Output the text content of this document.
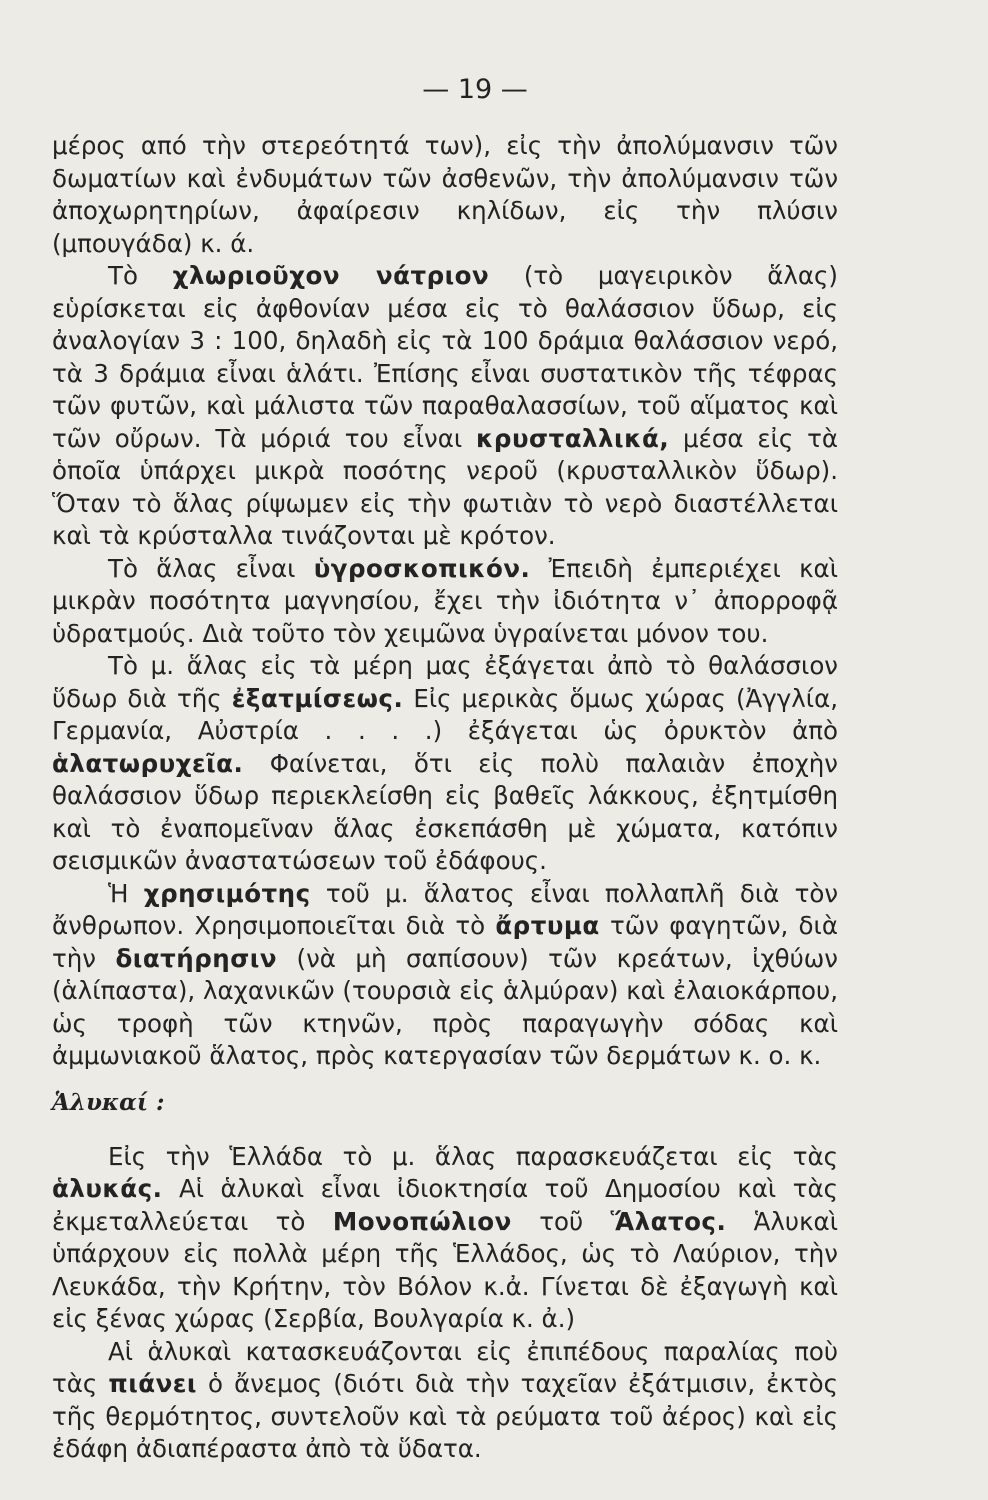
— 19 —

μέρος από τὴν στερεότητά των), εἰς τὴν ἀπολύμανσιν τῶν δωματίων καὶ ἐνδυμάτων τῶν ἀσθενῶν, τὴν ἀπολύμανσιν τῶν ἀποχωρητηρίων, ἀφαίρεσιν κηλίδων, εἰς τὴν πλύσιν (μπουγάδα) κ. ά.

Τὸ χλωριοῦχον νάτριον (τὸ μαγειρικὸν ἅλας) εὑρίσκεται εἰς ἀφθονίαν μέσα εἰς τὸ θαλάσσιον ὕδωρ, εἰς ἀναλογίαν 3 : 100, δηλαδὴ εἰς τὰ 100 δράμια θαλάσσιον νερό, τὰ 3 δράμια εἶναι ἁλάτι. Ἐπίσης εἶναι συστατικὸν τῆς τέφρας τῶν φυτῶν, καὶ μάλιστα τῶν παραθαλασσίων, τοῦ αἵματος καὶ τῶν οὔρων. Τὰ μόριά του εἶναι κρυσταλλικά, μέσα εἰς τὰ ὁποῖα ὑπάρχει μικρὰ ποσότης νεροῦ (κρυσταλλικὸν ὕδωρ). Ὅταν τὸ ἅλας ρίψωμεν εἰς τὴν φωτιὰν τὸ νερὸ διαστέλλεται καὶ τὰ κρύσταλλα τινάζονται μὲ κρότον.

Τὸ ἅλας εἶναι ὑγροσκοπικόν. Ἐπειδὴ ἐμπεριέχει καὶ μικρὰν ποσότητα μαγνησίου, ἔχει τὴν ἰδιότητα ν᾿ ἀπορροφᾷ ὑδρατμούς. Διὰ τοῦτο τὸν χειμῶνα ὑγραίνεται μόνον του.

Τὸ μ. ἅλας εἰς τὰ μέρη μας ἐξάγεται ἀπὸ τὸ θαλάσσιον ὕδωρ διὰ τῆς ἐξατμίσεως. Εἰς μερικὰς ὅμως χώρας (Ἀγγλία, Γερμανία, Αὐστρία . . . .) ἐξάγεται ὡς ὀρυκτὸν ἀπὸ ἁλατωρυχεῖα. Φαίνεται, ὅτι εἰς πολὺ παλαιὰν ἐποχὴν θαλάσσιον ὕδωρ περιεκλείσθη εἰς βαθεῖς λάκκους, ἐξητμίσθη καὶ τὸ ἐναπομεῖναν ἅλας ἐσκεπάσθη μὲ χώματα, κατόπιν σεισμικῶν ἀναστατώσεων τοῦ ἐδάφους.

Ἡ χρησιμότης τοῦ μ. ἅλατος εἶναι πολλαπλῆ διὰ τὸν ἄνθρωπον. Χρησιμοποιεῖται διὰ τὸ ἄρτυμα τῶν φαγητῶν, διὰ τὴν διατήρησιν (νὰ μὴ σαπίσουν) τῶν κρεάτων, ἰχθύων (ἁλίπαστα), λαχανικῶν (τουρσιὰ εἰς ἁλμύραν) καὶ ἐλαιοκάρπου, ὡς τροφὴ τῶν κτηνῶν, πρὸς παραγωγὴν σόδας καὶ ἀμμωνιακοῦ ἅλατος, πρὸς κατεργασίαν τῶν δερμάτων κ. ο. κ.

Ἁλυκαί :

Εἰς τὴν Ἑλλάδα τὸ μ. ἅλας παρασκευάζεται εἰς τὰς ἁλυκάς. Αἱ ἁλυκαὶ εἶναι ἰδιοκτησία τοῦ Δημοσίου καὶ τὰς ἐκμεταλλεύεται τὸ Μονοπώλιον τοῦ Ἅλατος. Ἁλυκαὶ ὑπάρχουν εἰς πολλὰ μέρη τῆς Ἑλλάδος, ὡς τὸ Λαύριον, τὴν Λευκάδα, τὴν Κρήτην, τὸν Βόλον κ.ἀ. Γίνεται δὲ ἐξαγωγὴ καὶ εἰς ξένας χώρας (Σερβία, Βουλγαρία κ. ἀ.)

Αἱ ἁλυκαὶ κατασκευάζονται εἰς ἐπιπέδους παραλίας ποὺ τὰς πιάνει ὁ ἄνεμος (διότι διὰ τὴν ταχεῖαν ἐξάτμισιν, ἐκτὸς τῆς θερμότητος, συντελοῦν καὶ τὰ ρεύματα τοῦ ἀέρος) καὶ εἰς ἐδάφη ἀδιαπέραστα ἀπὸ τὰ ὕδατα.
